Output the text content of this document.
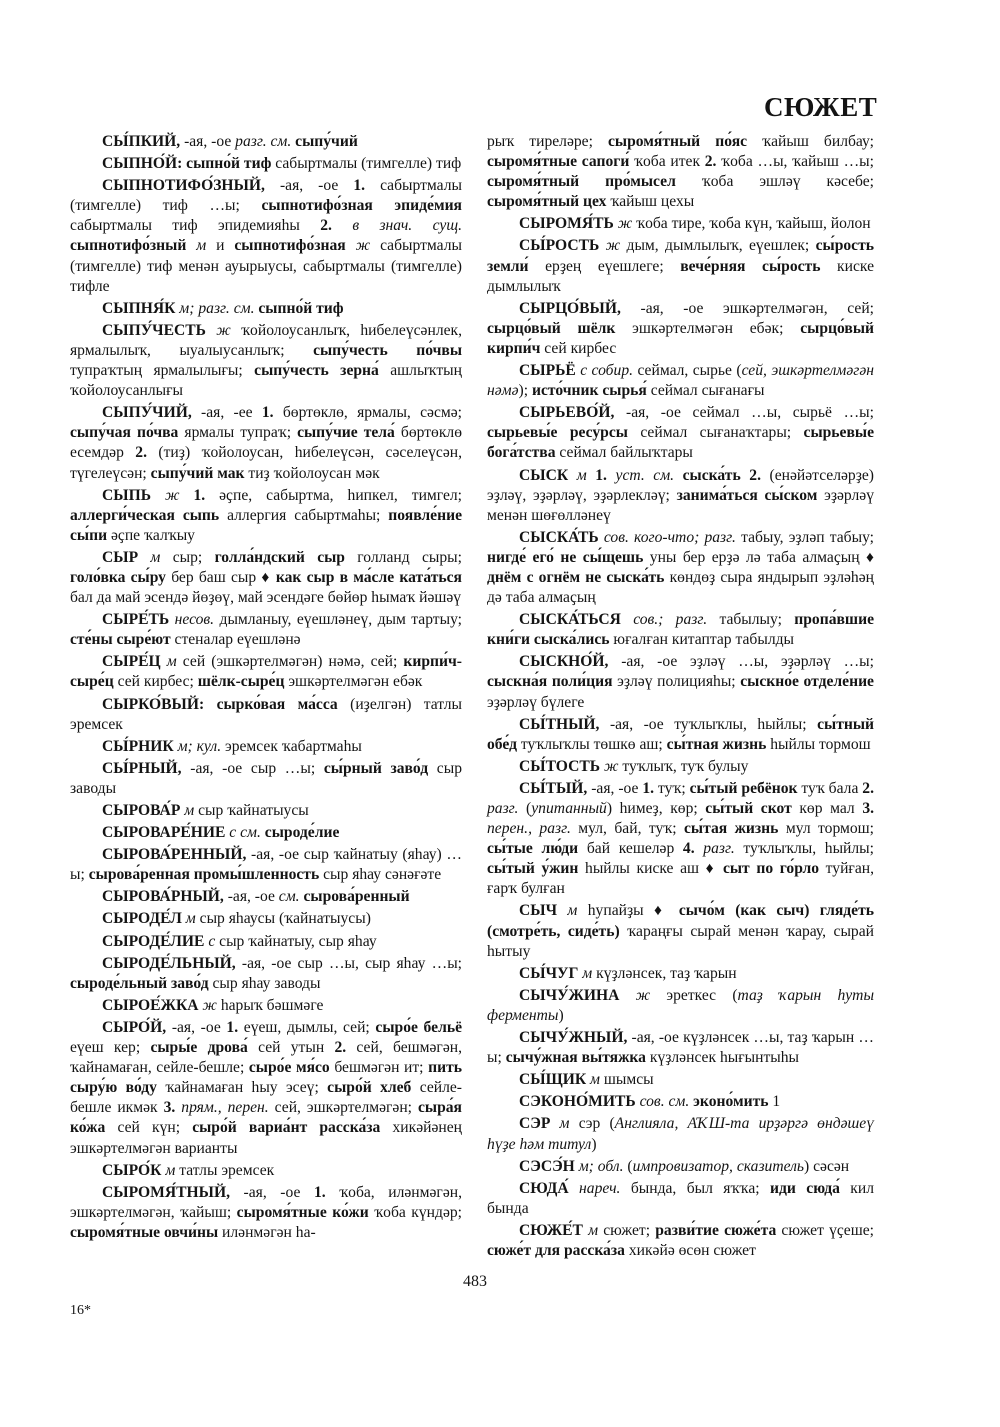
СЮЖЕТ

СЫ́ПКИЙ, -ая, -ое разг. см. сыпу́чий

СЫПНО́Й: сыпно́й тиф сабыртмалы (тимгелле) тиф

СЫПНОТИФО́ЗНЫЙ, -ая, -ое 1. сабыртмалы (тимгелле) тиф …ы; сыпнотифо́зная эпиде́мия сабыртмалы тиф эпидемияһы 2. в знач. сущ. сыпнотифо́зный м и сыпнотифо́зная ж сабыртмалы (тимгелле) тиф менән ауырыусы, сабыртмалы (тимгелле) тифле

СЫПНЯ́К м; разг. см. сыпно́й тиф

СЫПУ́ЧЕСТЬ ж ҡойолоусанлыҡ, һибелеүсәнлек, ярмалылыҡ, ыуалыусанлыҡ; сыпу́честь по́чвы тупраҡтың ярмалылығы; сыпу́честь зерна́ ашлыҡтың ҡойолоусанлығы

СЫПУ́ЧИЙ, -ая, -ее 1. бөртөклө, ярмалы, сәсмә; сыпу́чая по́чва ярмалы тупраҡ; сыпу́чие тела́ бөртөклө есемдәр 2. (тиҙ) ҡойолоусан, һибелеүсән, сәселеүсән, түгелеүсән; сыпу́чий мак тиҙ ҡойолоусан мәк

СЫПЬ ж 1. әҫпе, сабыртма, һипкел, тимгел; аллерги́ческая сыпь аллергия сабыртмаһы; появле́ние сы́пи әҫпе ҡалҡыу

СЫР м сыр; голла́ндский сыр голланд сыры; голо́вка сы́ру бер баш сыр ♦ как сыр в ма́сле ката́ться бал да май эсендә йөҙөү, май эсендәге бөйөр һымаҡ йәшәү

СЫРЕ́ТЬ несов. дымланыу, еүешләнеү, дым тартыу; сте́ны сыре́ют стеналар еүешләнә

СЫРЕ́Ц м сей (эшкәртелмәгән) нәмә, сей; кирпи́ч-сыре́ц сей кирбес; шёлк-сыре́ц эшкәртелмәгән ебәк

СЫРКО́ВЫЙ: сырко́вая ма́сса (иҙелгән) татлы эремсек

СЫ́РНИК м; кул. эремсек ҡабартмаһы

СЫ́РНЫЙ, -ая, -ое сыр …ы; сы́рный заво́д сыр заводы

СЫРОВА́Р м сыр ҡайнатыусы

СЫРОВАРЕ́НИЕ с см. сыроде́лие

СЫРОВА́РЕННЫЙ, -ая, -ое сыр ҡайнатыу (яһау) …ы; сырова́ренная промы́шленность сыр яһау сәнәғәте

СЫРОВА́РНЫЙ, -ая, -ое см. сырова́ренный

СЫРОДЕ́Л м сыр яһаусы (ҡайнатыусы)

СЫРОДЕ́ЛИЕ с сыр ҡайнатыу, сыр яһау

СЫРОДЕ́ЛЬНЫЙ, -ая, -ое сыр …ы, сыр яһау …ы; сыроде́льный заво́д сыр яһау заводы

СЫРОЕ́ЖКА ж һарыҡ бәшмәге

СЫРО́Й, -ая, -ое 1. еүеш, дымлы, сей; сыро́е бельё еүеш кер; сыры́е дрова́ сей утын 2. сей, бешмәгән, ҡайнамаған, сейле-бешле; сыро́е мя́со бешмәгән ит; пить сыру́ю во́ду ҡайнамаған һыу эсеү; сыро́й хлеб сейле-бешле икмәк 3. прям., перен. сей, эшкәртелмәгән; сыра́я ко́жа сей күн; сыро́й вариа́нт расска́за хикәйәнең эшкәртелмәгән варианты

СЫРО́К м татлы эремсек

СЫРОМЯ́ТНЫЙ, -ая, -ое 1. ҡоба, иләнмәгән, эшкәртелмәгән, ҡайыш; сыромя́тные ко́жи ҡоба күндәр; сыромя́тные овчи́ны иләнмәгән һа-

рыҡ тиреләре; сыромя́тный по́яс ҡайыш билбау; сыромя́тные сапоги́ ҡоба итек 2. ҡоба …ы, ҡайыш …ы; сыромя́тный про́мысел ҡоба эшләү кәсебе; сыромя́тный цех ҡайыш цехы

СЫРОМЯ́ТЬ ж ҡоба тире, ҡоба күн, ҡайыш, йолон

СЫ́РОСТЬ ж дым, дымлылыҡ, еүешлек; сы́рость земли́ ерҙең еүешлеге; вече́рняя сы́рость киске дымлылыҡ

СЫРЦО́ВЫЙ, -ая, -ое эшкәртелмәгән, сей; сырцо́вый шёлк эшкәртелмәгән ебәк; сырцо́вый кирпи́ч сей кирбес

СЫРЬЁ с собир. сеймал, сырье (сей, эшкәртелмәгән нәмә); исто́чник сырья́ сеймал сығанағы

СЫРЬЕВО́Й, -ая, -ое сеймал …ы, сырьё …ы; сырьевы́е ресу́рсы сеймал сығанаҡтары; сырьевы́е бога́тства сеймал байлыҡтары

СЫСК м 1. уст. см. сыска́ть 2. (енәйәтселәрҙе) эҙләү, эҙәрләү, эҙәрлекләү; занима́ться сы́ском эҙәрләү менән шөғөлләнеү

СЫСКА́ТЬ сов. кого-что; разг. табыу, эҙләп табыу; нигде́ его́ не сы́щешь уны бер ерҙә лә таба алмаҫың ♦ днём с огнём не сыска́ть көндөҙ сыра яндырып эҙләһәң дә таба алмаҫың

СЫСКА́ТЬСЯ сов.; разг. табылыу; пропа́вшие кни́ги сыска́лись юғалған китаптар табылды

СЫСКНО́Й, -ая, -ое эҙләү …ы, эҙәрләү …ы; сыскна́я поли́ция эҙләү полицияһы; сыскно́е отделе́ние эҙәрләү бүлеге

СЫ́ТНЫЙ, -ая, -ое туҡлыҡлы, һыйлы; сы́тный обе́д туҡлыҡлы төшкө аш; сы́тная жизнь һыйлы тормош

СЫ́ТОСТЬ ж туҡлыҡ, туҡ булыу

СЫ́ТЫЙ, -ая, -ое 1. туҡ; сы́тый ребёнок туҡ бала 2. разг. (упитанный) һимеҙ, көр; сы́тый скот көр мал 3. перен., разг. мул, бай, туҡ; сы́тая жизнь мул тормош; сы́тые лю́ди бай кешеләр 4. разг. туҡлыҡлы, һыйлы; сы́тый у́жин һыйлы киске аш ♦ сыт по го́рло туйған, ғарҡ булған

СЫЧ м һупайҙы ♦ сычо́м (как сыч) гляде́ть (смотре́ть, сиде́ть) ҡараңғы сырай менән ҡарау, сырай һытыу

СЫ́ЧУГ м күҙләнсек, таҙ ҡарын

СЫЧУ́ЖИНА ж эреткес (таҙ ҡарын һуты ферменты)

СЫЧУ́ЖНЫЙ, -ая, -ое күҙләнсек …ы, таҙ ҡарын …ы; сычу́жная вы́тяжка күҙләнсек һығынтыһы

СЫ́ЩИК м шымсы

СЭКОНО́МИТЬ сов. см. эконо́мить 1

СЭР м сэр (Англияла, АҠШ-та ирҙәргә өндәшеү һүҙе һәм титул)

СЭСЭ́Н м; обл. (импровизатор, сказитель) сәсән

СЮДА́ нареч. бында, был яҡҡа; иди сюда́ кил бында

СЮЖЕ́Т м сюжет; разви́тие сюже́та сюжет үҫеше; сюже́т для расска́за хикәйә өсөн сюжет

483
16*
